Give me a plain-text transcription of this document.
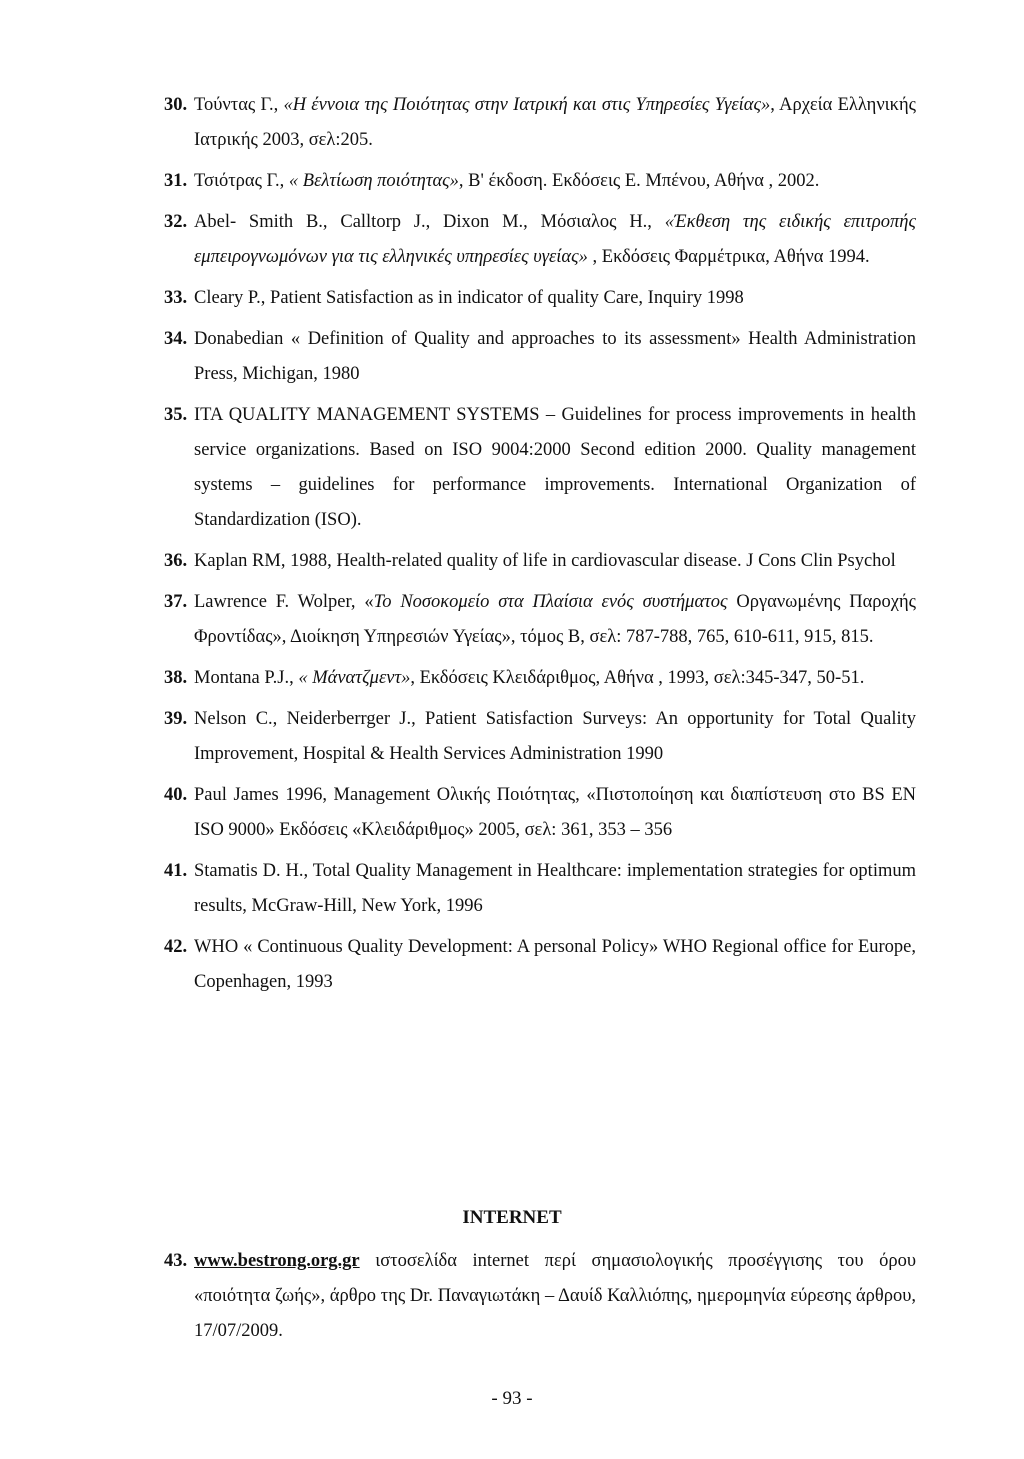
30. Τούντας Γ., «Η έννοια της Ποιότητας στην Ιατρική και στις Υπηρεσίες Υγείας», Αρχεία Ελληνικής Ιατρικής 2003, σελ:205.
31. Τσιότρας Γ., « Βελτίωση ποιότητας», Β' έκδοση. Εκδόσεις Ε. Μπένου, Αθήνα , 2002.
32. Abel- Smith B., Calltorp J., Dixon M., Μόσιαλος Η., «Έκθεση της ειδικής επιτροπής εμπειρογνωμόνων για τις ελληνικές υπηρεσίες υγείας» , Εκδόσεις Φαρμέτρικα, Αθήνα 1994.
33. Cleary P., Patient Satisfaction as in indicator of quality Care, Inquiry 1998
34. Donabedian « Definition of Quality and approaches to its assessment» Health Administration Press, Michigan, 1980
35. ITA QUALITY MANAGEMENT SYSTEMS – Guidelines for process improvements in health service organizations. Based on ISO 9004:2000 Second edition 2000. Quality management systems – guidelines for performance improvements. International Organization of Standardization (ISO).
36. Kaplan RM, 1988, Health-related quality of life in cardiovascular disease. J Cons Clin Psychol
37. Lawrence F. Wolper, «Το Νοσοκομείο στα Πλαίσια ενός συστήματος Οργανωμένης Παροχής Φροντίδας», Διοίκηση Υπηρεσιών Υγείας», τόμος Β, σελ: 787-788, 765, 610-611, 915, 815.
38. Montana P.J., « Μάνατζμεντ», Εκδόσεις Κλειδάριθμος, Αθήνα , 1993, σελ:345-347, 50-51.
39. Nelson C., Neiderberrger J., Patient Satisfaction Surveys: An opportunity for Total Quality Improvement, Hospital & Health Services Administration 1990
40. Paul James 1996, Management Ολικής Ποιότητας, «Πιστοποίηση και διαπίστευση στο BS EN ISO 9000» Εκδόσεις «Κλειδάριθμος» 2005, σελ: 361, 353 – 356
41. Stamatis D. H., Total Quality Management in Healthcare: implementation strategies for optimum results, McGraw-Hill, New York, 1996
42. WHO « Continuous Quality Development: A personal Policy» WHO Regional office for Europe, Copenhagen, 1993
INTERNET
43. www.bestrong.org.gr ιστοσελίδα internet περί σημασιολογικής προσέγγισης του όρου «ποιότητα ζωής», άρθρο της Dr. Παναγιωτάκη – Δαυίδ Καλλιόπης, ημερομηνία εύρεσης άρθρου, 17/07/2009.
- 93 -
